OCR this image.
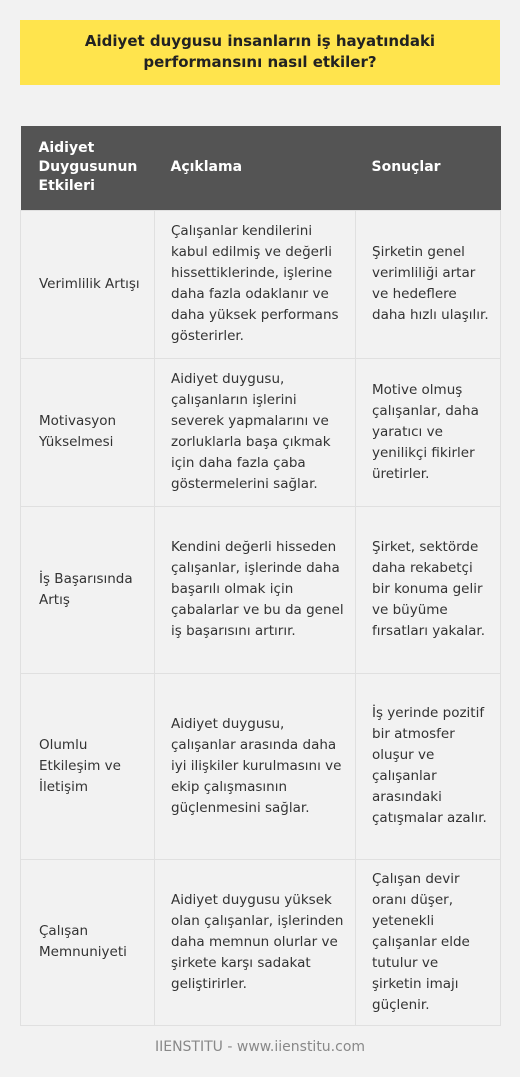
Aidiyet duygusu insanların iş hayatındaki performansını nasıl etkiler?
Aidiyet Duygusunun Etkileri	Açıklama	Sonuçlar
Verimlilik Artışı	Çalışanlar kendilerini kabul edilmiş ve değerli hissettiklerinde, işlerine daha fazla odaklanır ve daha yüksek performans gösterirler.	Şirketin genel verimliliği artar ve hedeflere daha hızlı ulaşılır.
Motivasyon Yükselmesi	Aidiyet duygusu, çalışanların işlerini severek yapmalarını ve zorluklarla başa çıkmak için daha fazla çaba göstermelerini sağlar.	Motive olmuş çalışanlar, daha yaratıcı ve yenilikçi fikirler üretirler.
İş Başarısında Artış	Kendini değerli hisseden çalışanlar, işlerinde daha başarılı olmak için çabalarlar ve bu da genel iş başarısını artırır.	Şirket, sektörde daha rekabetçi bir konuma gelir ve büyüme fırsatları yakalar.
Olumlu Etkileşim ve İletişim	Aidiyet duygusu, çalışanlar arasında daha iyi ilişkiler kurulmasını ve ekip çalışmasının güçlenmesini sağlar.	İş yerinde pozitif bir atmosfer oluşur ve çalışanlar arasındaki çatışmalar azalır.
Çalışan Memnuniyeti	Aidiyet duygusu yüksek olan çalışanlar, işlerinden daha memnun olurlar ve şirkete karşı sadakat geliştirirler.	Çalışan devir oranı düşer, yetenekli çalışanlar elde tutulur ve şirketin imajı güçlenir.
IIENSTITU - www.iienstitu.com
